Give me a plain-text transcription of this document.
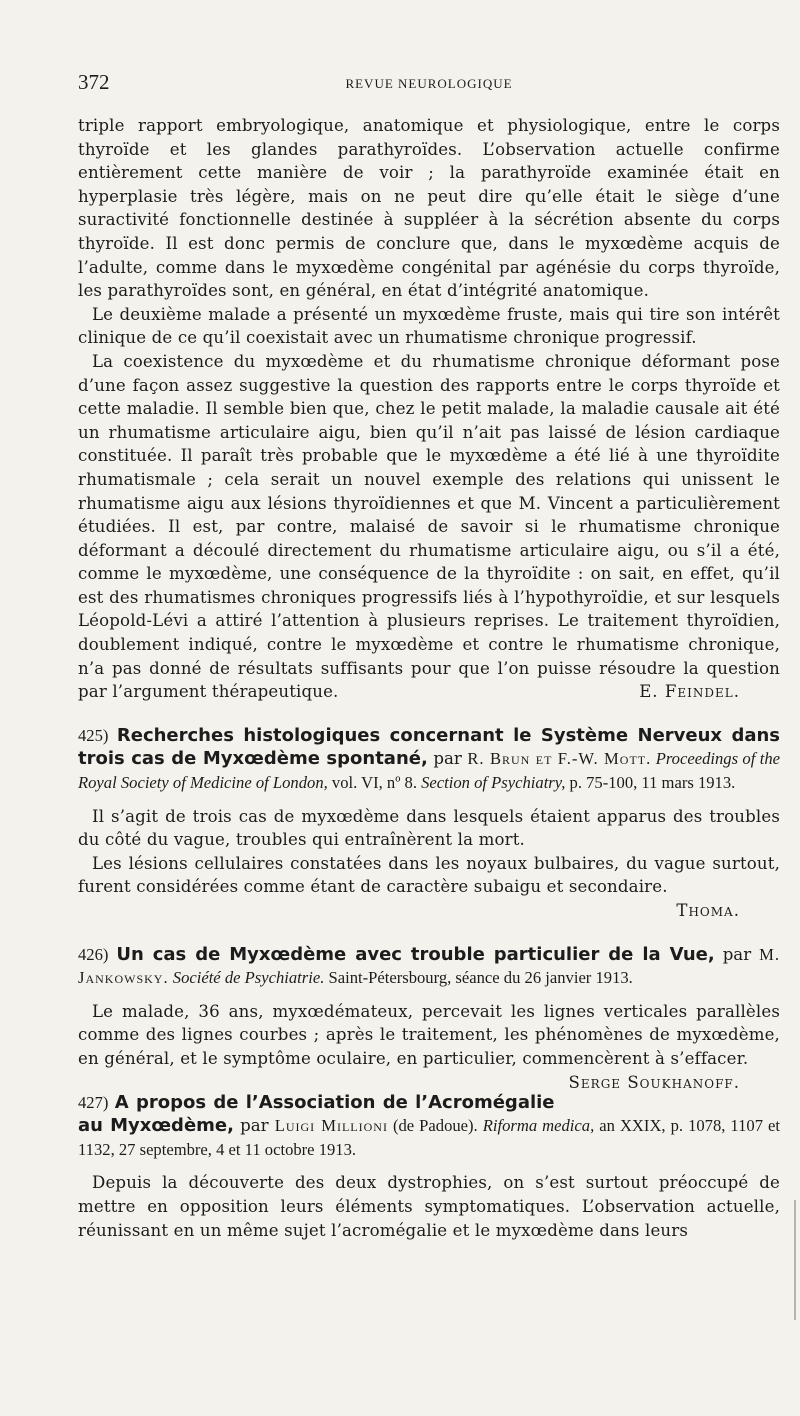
372	REVUE NEUROLOGIQUE

triple rapport embryologique, anatomique et physiologique, entre le corps thyroïde et les glandes parathyroïdes. L’observation actuelle confirme entièrement cette manière de voir ; la parathyroïde examinée était en hyperplasie très légère, mais on ne peut dire qu’elle était le siège d’une suractivité fonctionnelle destinée à suppléer à la sécrétion absente du corps thyroïde. Il est donc permis de conclure que, dans le myxœdème acquis de l’adulte, comme dans le myxœdème congénital par agénésie du corps thyroïde, les parathyroïdes sont, en général, en état d’intégrité anatomique.

Le deuxième malade a présenté un myxœdème fruste, mais qui tire son intérêt clinique de ce qu’il coexistait avec un rhumatisme chronique progressif.

La coexistence du myxœdème et du rhumatisme chronique déformant pose d’une façon assez suggestive la question des rapports entre le corps thyroïde et cette maladie. Il semble bien que, chez le petit malade, la maladie causale ait été un rhumatisme articulaire aigu, bien qu’il n’ait pas laissé de lésion cardiaque constituée. Il paraît très probable que le myxœdème a été lié à une thyroïdite rhumatismale ; cela serait un nouvel exemple des relations qui unissent le rhumatisme aigu aux lésions thyroïdiennes et que M. Vincent a particulièrement étudiées. Il est, par contre, malaisé de savoir si le rhumatisme chronique déformant a découlé directement du rhumatisme articulaire aigu, ou s’il a été, comme le myxœdème, une conséquence de la thyroïdite : on sait, en effet, qu’il est des rhumatismes chroniques progressifs liés à l’hypothyroïdie, et sur lesquels Léopold-Lévi a attiré l’attention à plusieurs reprises. Le traitement thyroïdien, doublement indiqué, contre le myxœdème et contre le rhumatisme chronique, n’a pas donné de résultats suffisants pour que l’on puisse résoudre la question par l’argument thérapeutique.	E. Feindel.

425) Recherches histologiques concernant le Système Nerveux dans trois cas de Myxœdème spontané, par R. Brun et F.-W. Mott. Proceedings of the Royal Society of Medicine of London, vol. VI, nº 8. Section of Psychiatry, p. 75-100, 11 mars 1913.

Il s’agit de trois cas de myxœdème dans lesquels étaient apparus des troubles du côté du vague, troubles qui entraînèrent la mort.

Les lésions cellulaires constatées dans les noyaux bulbaires, du vague surtout, furent considérées comme étant de caractère subaigu et secondaire.

Thoma.

426) Un cas de Myxœdème avec trouble particulier de la Vue, par M. Jankowsky. Société de Psychiatrie. Saint-Pétersbourg, séance du 26 janvier 1913.

Le malade, 36 ans, myxœdémateux, percevait les lignes verticales parallèles comme des lignes courbes ; après le traitement, les phénomènes de myxœdème, en général, et le symptôme oculaire, en particulier, commencèrent à s’effacer.
Serge Soukhanoff.

427) A propos de l’Association de l’Acromégalie au Myxœdème, par Luigi Millioni (de Padoue). Riforma medica, an XXIX, p. 1078, 1107 et 1132, 27 septembre, 4 et 11 octobre 1913.

Depuis la découverte des deux dystrophies, on s’est surtout préoccupé de mettre en opposition leurs éléments symptomatiques. L’observation actuelle, réunissant en un même sujet l’acromégalie et le myxœdème dans leurs
